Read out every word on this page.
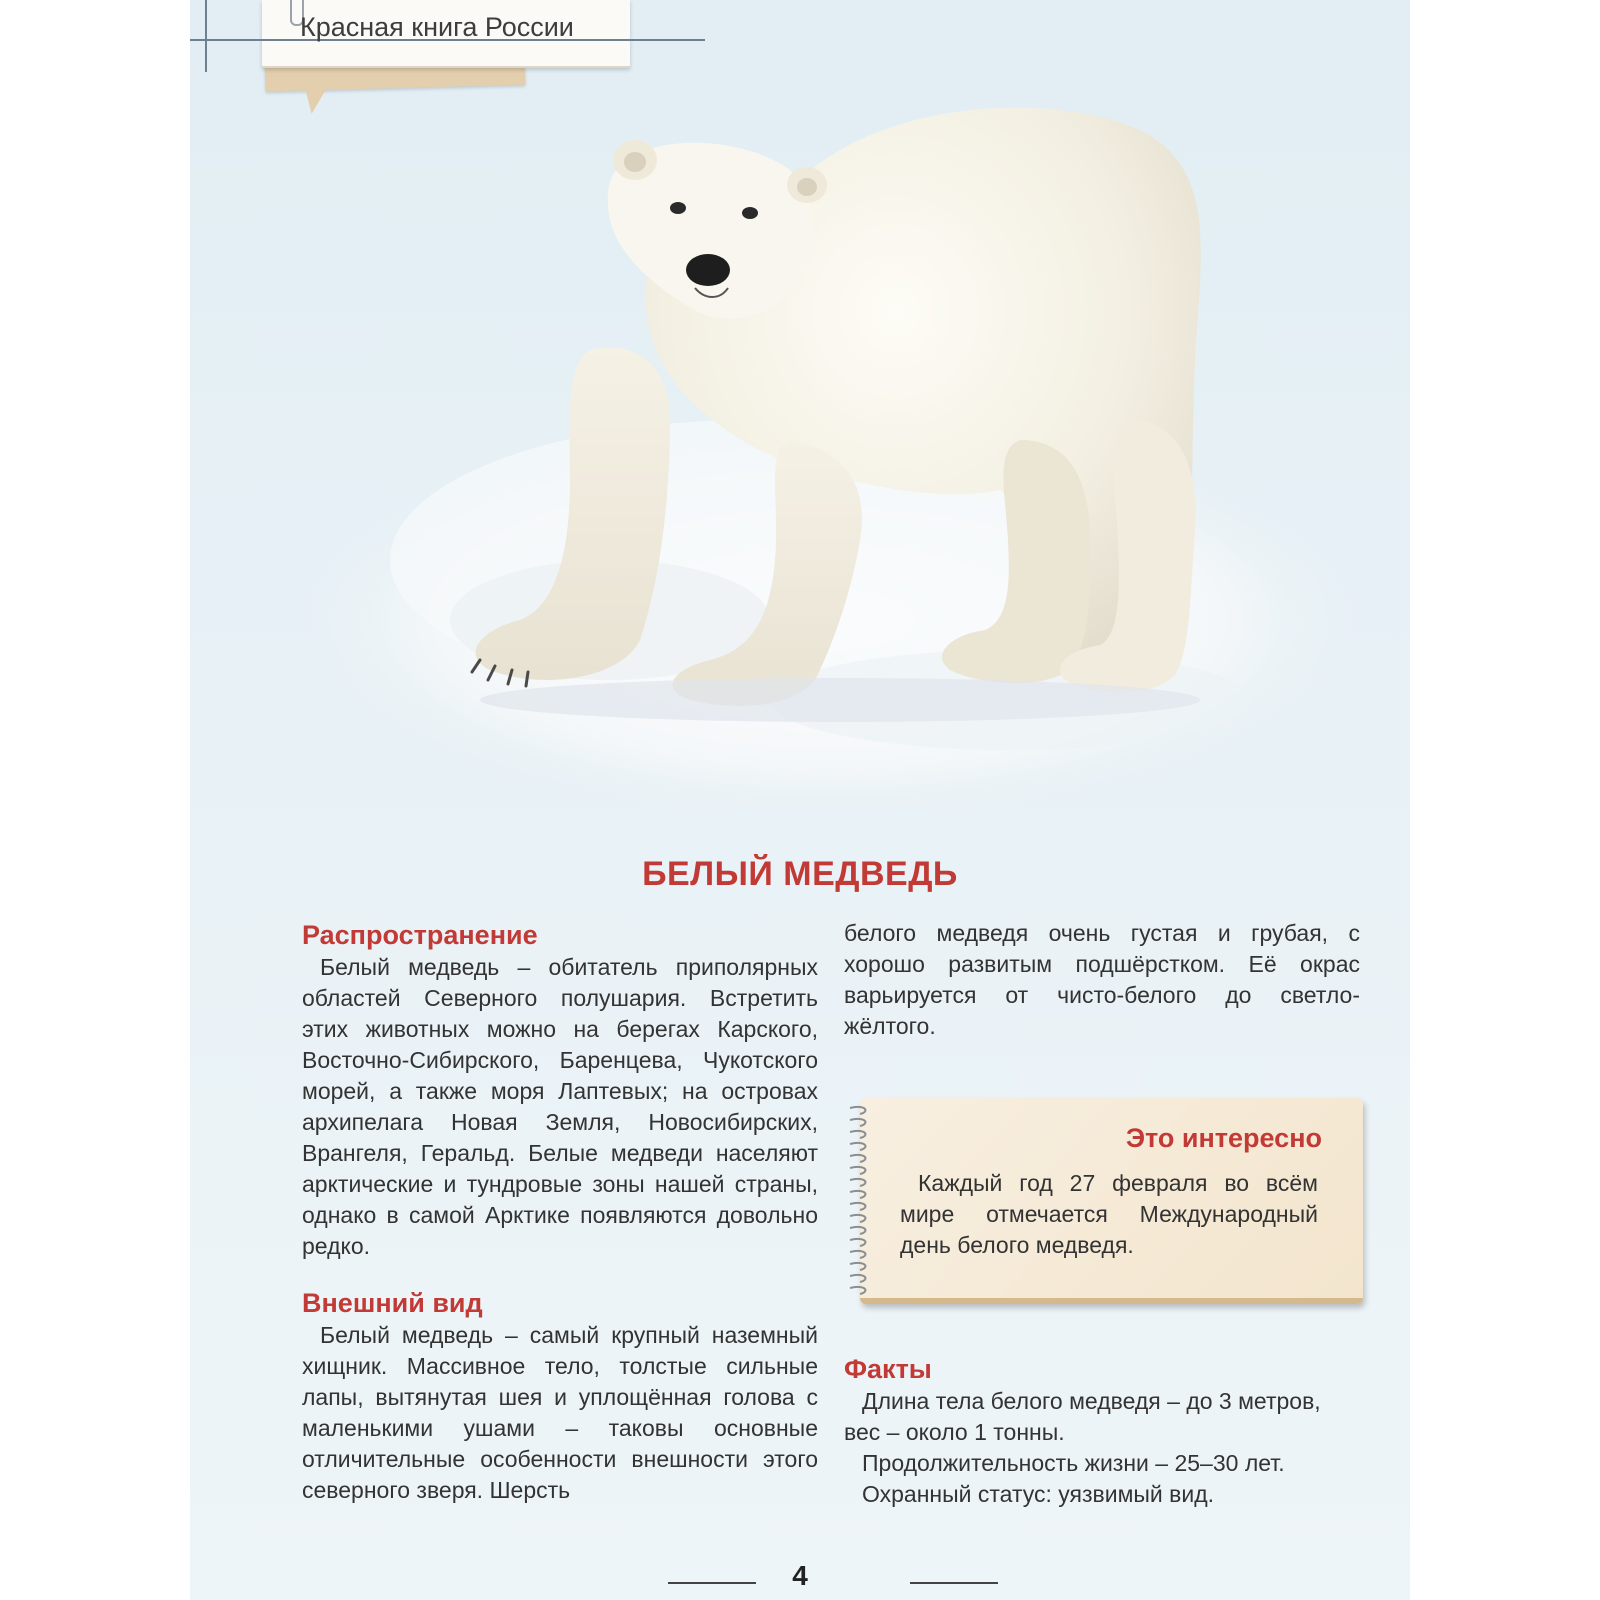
Красная книга России
БЕЛЫЙ МЕДВЕДЬ
Распространение

Белый медведь – обитатель приполярных областей Северного полушария. Встретить этих животных можно на берегах Карского, Восточно-Сибирского, Баренцева, Чукотского морей, а также моря Лаптевых; на островах архипелага Новая Земля, Новосибирских, Врангеля, Геральд. Белые медведи населяют арктические и тундровые зоны нашей страны, однако в самой Арктике появляются довольно редко.

Внешний вид

Белый медведь – самый крупный наземный хищник. Массивное тело, толстые сильные лапы, вытянутая шея и уплощённая голова с маленькими ушами – таковы основные отличительные особенности внешности этого северного зверя. Шерсть

белого медведя очень густая и грубая, с хорошо развитым подшёрстком. Её окрас варьируется от чисто-белого до светло-жёлтого.

Это интересно
Каждый год 27 февраля во всём мире отмечается Международный день белого медведя.
Факты
Длина тела белого медведя – до 3 метров,
вес – около 1 тонны.
Продолжительность жизни – 25–30 лет.
Охранный статус: уязвимый вид.
4
